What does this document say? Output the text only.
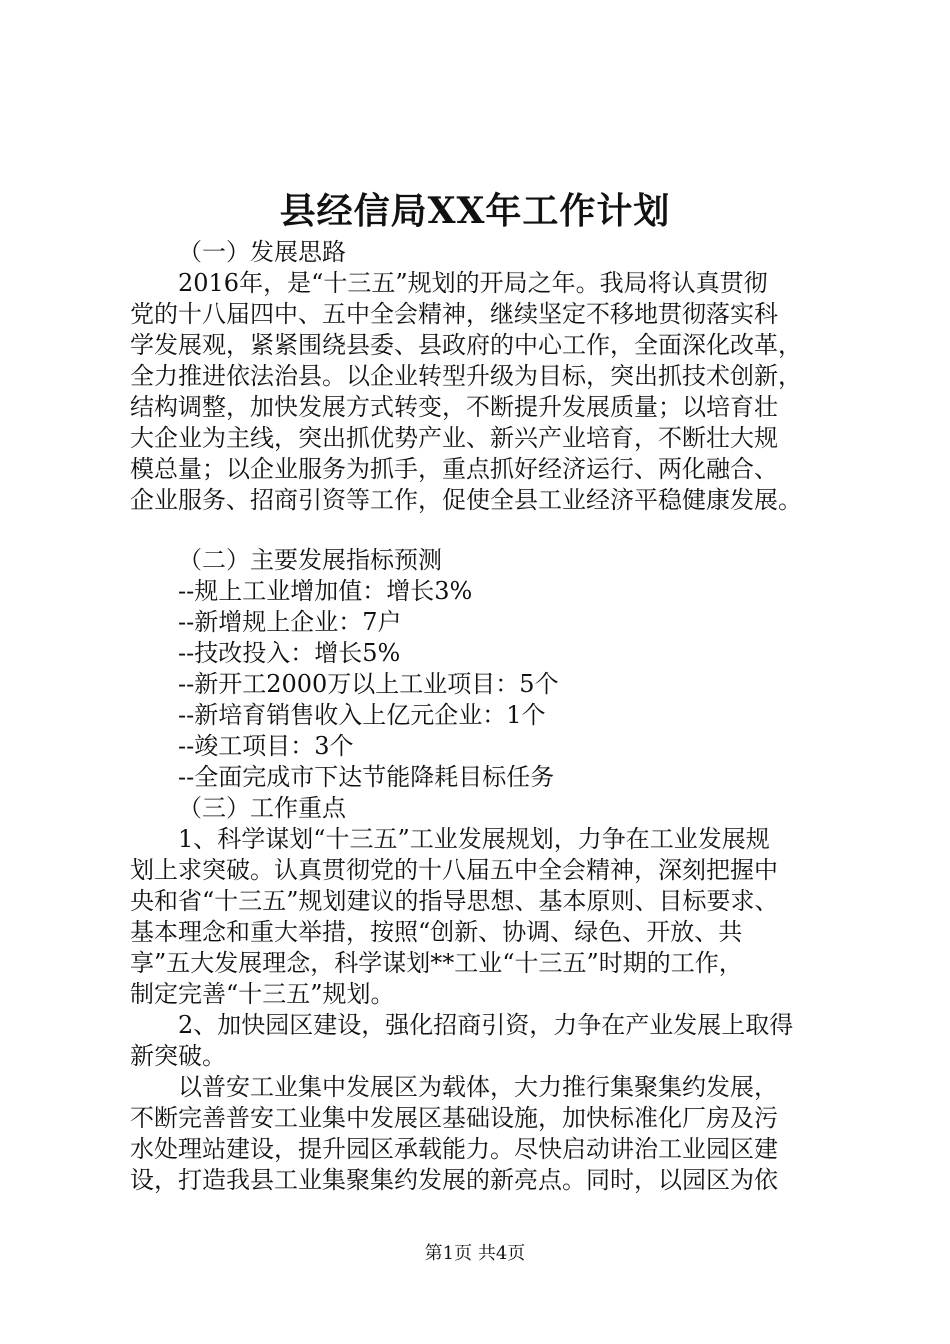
县经信局XX年工作计划

（一）发展思路

2016年，是“十三五”规划的开局之年。我局将认真贯彻

党的十八届四中、五中全会精神，继续坚定不移地贯彻落实科

学发展观，紧紧围绕县委、县政府的中心工作，全面深化改革，

全力推进依法治县。以企业转型升级为目标，突出抓技术创新，

结构调整，加快发展方式转变，不断提升发展质量；以培育壮

大企业为主线，突出抓优势产业、新兴产业培育，不断壮大规

模总量；以企业服务为抓手，重点抓好经济运行、两化融合、

企业服务、招商引资等工作，促使全县工业经济平稳健康发展。

（二）主要发展指标预测

--规上工业增加值：增长3%

--新增规上企业：7户

--技改投入：增长5%

--新开工2000万以上工业项目：5个

--新培育销售收入上亿元企业：1个

--竣工项目：3个

--全面完成市下达节能降耗目标任务

（三）工作重点

1、科学谋划“十三五”工业发展规划，力争在工业发展规

划上求突破。认真贯彻党的十八届五中全会精神，深刻把握中

央和省“十三五”规划建议的指导思想、基本原则、目标要求、

基本理念和重大举措，按照“创新、协调、绿色、开放、共

享”五大发展理念，科学谋划**工业“十三五”时期的工作，

制定完善“十三五”规划。

2、加快园区建设，强化招商引资，力争在产业发展上取得

新突破。

以普安工业集中发展区为载体，大力推行集聚集约发展，

不断完善普安工业集中发展区基础设施，加快标准化厂房及污

水处理站建设，提升园区承载能力。尽快启动讲治工业园区建

设，打造我县工业集聚集约发展的新亮点。同时，以园区为依

第1页 共4页
